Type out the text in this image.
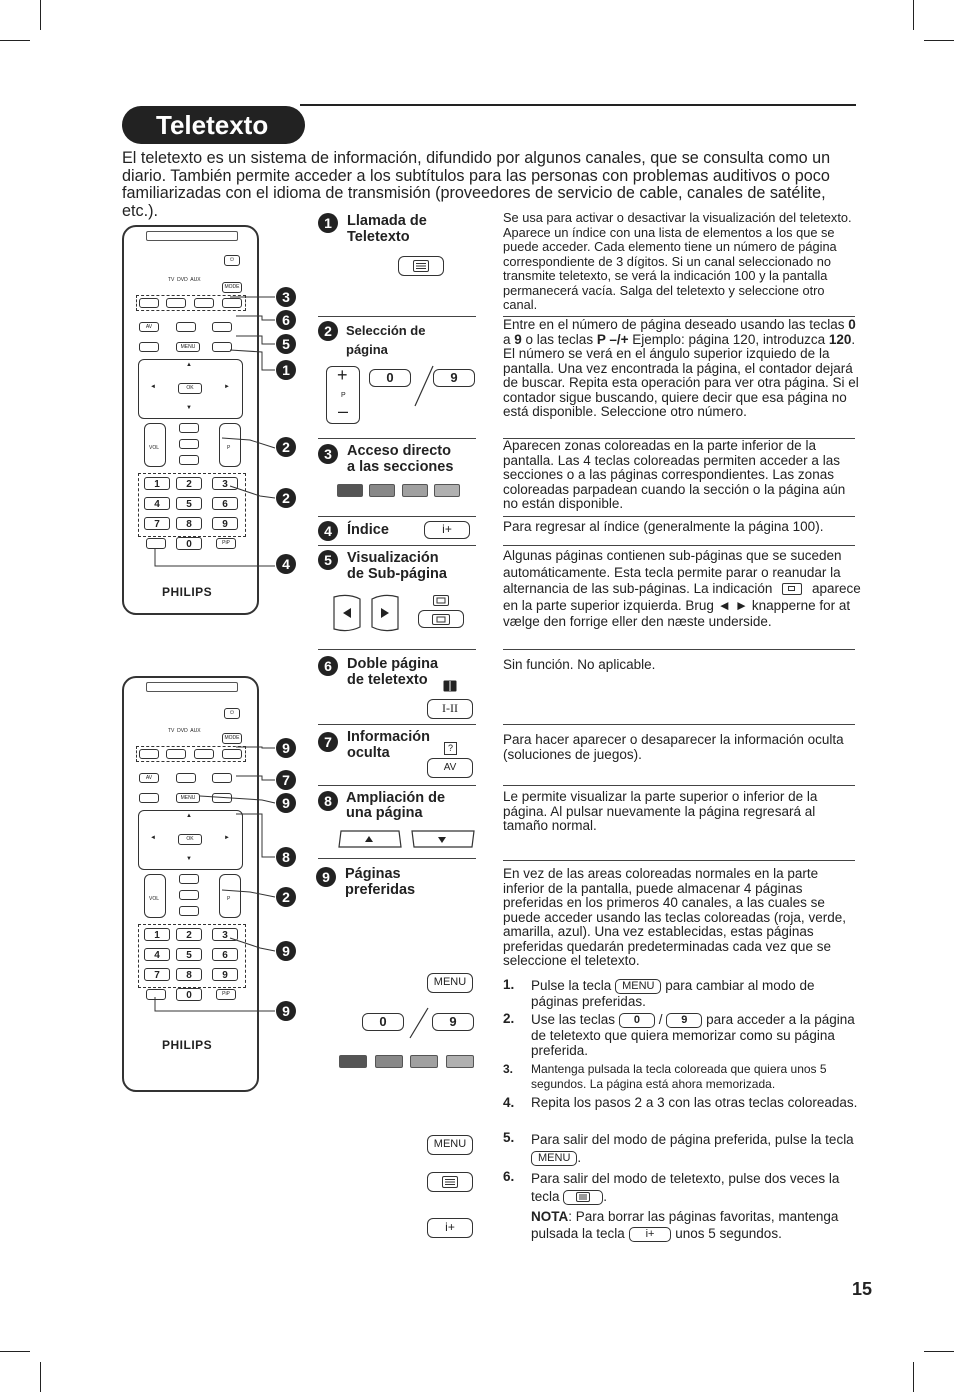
Teletexto
El teletexto es un sistema de información, difundido por algunos canales, que se consulta como un diario. También permite acceder a los subtítulos para las personas con problemas auditivos o poco familiarizadas con el idioma de transmisión (proveedores de servicio de cable, canales de satélite, etc.).
⏻
TV DVD AUX
MODE
AV
MENU
OK
▲
▼
◄	►
VOL	P
1	2	3
4	5	6
7	8	9
0	PiP
PHILIPS
3
6
5
1
2
2
4
⏻
TV DVD AUX
MODE
AV
MENU
OK
▲
▼
◄	►
VOL	P
1	2	3
4	5	6
7	8	9
0	PiP
PHILIPS
9
7
9
8
2
9
9
1	Llamada de
Teletexto
Se usa para activar o desactivar la visualización del teletexto. Aparece un índice con una lista de elementos a los que se puede acceder. Cada elemento tiene un número de página correspondiente de 3 dígitos. Si un canal seleccionado no transmite teletexto, se verá la indicación 100 y la pantalla permanecerá vacía. Salga del teletexto y seleccione otro canal.
2	Selección de
página
+
P
–
0	9
Entre en el número de página deseado usando las teclas 0 a 9 o las teclas P –/+ Ejemplo: página 120, introduzca 120. El número se verá en el ángulo superior izquiedo de la pantalla. Una vez encontrada la página, el contador dejará de buscar. Repita esta operación para ver otra página. Si el contador sigue buscando, quiere decir que esa página no está disponible. Seleccione otro número.
3	Acceso directo
a las secciones
Aparecen zonas coloreadas en la parte inferior de la pantalla. Las 4 teclas coloreadas permiten acceder a las secciones o a las páginas correspondientes. Las zonas coloreadas parpadean cuando la sección o la página aún no están disponible.
4	Índice	i+	Para regresar al índice (generalmente la página 100).
5	Visualización
de Sub-página
Algunas páginas contienen sub-páginas que se suceden automáticamente. Esta tecla permite parar o reanudar la alternancia de las sub-páginas. La indicación	aparece en la parte superior izquierda. Brug ◄ ► knapperne for at vælge den forrige eller den næste underside.
6	Doble página
de teletexto
I-II
Sin función. No aplicable.
7	Información
oculta	?
AV
Para hacer aparecer o desaparecer la información oculta (soluciones de juegos).
8 Ampliación de
una página
Le permite visualizar la parte superior o inferior de la página. Al pulsar nuevamente la página regresará al tamaño normal.
9	Páginas
preferidas
En vez de las areas coloreadas normales en la parte inferior de la pantalla, puede almacenar 4 páginas preferidas en los primeros 40 canales, a las cuales se puede acceder usando las teclas coloreadas (roja, verde, amarilla, azul). Una vez establecidas, estas páginas preferidas quedarán predeterminadas cada vez que se seleccione el teletexto.
MENU
0	9
MENU
i+
1. Pulse la tecla MENU para cambiar al modo de páginas preferidas.
2. Use las teclas 0 / 9 para acceder a la página de teletexto que quiera memorizar como su página preferida.
3. Mantenga pulsada la tecla coloreada que quiera unos 5 segundos. La página está ahora memorizada.
4. Repita los pasos 2 a 3 con las otras teclas coloreadas.
5. Para salir del modo de página preferida, pulse la tecla MENU .
6. Para salir del modo de teletexto, pulse dos veces la tecla	.
NOTA: Para borrar las páginas favoritas, mantenga pulsada la tecla i+ unos 5 segundos.
15
